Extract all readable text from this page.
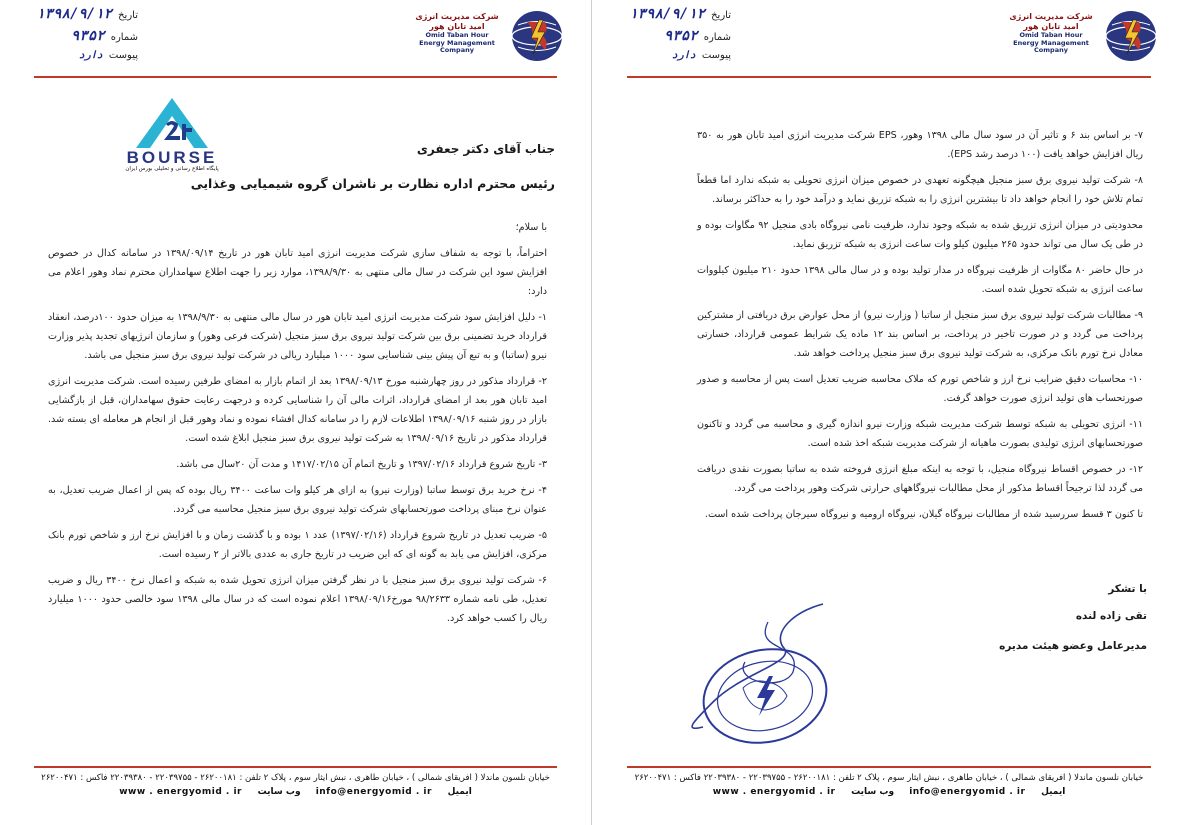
تاریخ
۱۳۹۸/۹/۱۲
شماره
۹۳۵۲
پیوست
دارد
شرکت مدیریت انرژی
امید تابان هور
Omid Taban Hour
Energy Management
Company
BOURSE
پایگاه اطلاع رسانی و تحلیلی بورس ایران
جناب آقای دکتر جعفری
رئیس محترم اداره نظارت بر ناشران گروه شیمیایی وغذایی

با سلام؛

احتراماً، با توجه به شفاف سازی شرکت مدیریت انرژی امید تابان هور در تاریخ ۱۳۹۸/۰۹/۱۴ در سامانه کدال در خصوص افزایش سود این شرکت در سال مالی منتهی به ۱۳۹۸/۹/۳۰، موارد زیر را جهت اطلاع سهامداران محترم نماد وهور اعلام می دارد:

۱- دلیل افزایش سود شرکت مدیریت انرژی امید تابان هور در سال مالی منتهی به ۱۳۹۸/۹/۳۰ به میزان حدود ۱۰۰درصد، انعقاد قرارداد خرید تضمینی برق بین شرکت تولید نیروی برق سبز منجیل (شرکت فرعی وهور) و سازمان انرژیهای تجدید پذیر وزارت نیرو (ساتبا) و به تبع آن پیش بینی شناسایی سود ۱۰۰۰ میلیارد ریالی در شرکت تولید نیروی برق سبز منجیل می باشد.

۲- قرارداد مذکور در روز چهارشنبه مورخ ۱۳۹۸/۰۹/۱۳ بعد از اتمام بازار به امضای طرفین رسیده است. شرکت مدیریت انرژی امید تابان هور بعد از امضای قرارداد، اثرات مالی آن را شناسایی کرده و درجهت رعایت حقوق سهامداران، قبل از بازگشایی بازار در روز شنبه ۱۳۹۸/۰۹/۱۶ اطلاعات لازم را در سامانه کدال افشاء نموده و نماد وهور قبل از انجام هر معامله ای بسته شد. قرارداد مذکور در تاریخ ۱۳۹۸/۰۹/۱۶ به شرکت تولید نیروی برق سبز منجیل ابلاغ شده است.

۳- تاریخ شروع قرارداد ۱۳۹۷/۰۲/۱۶ و تاریخ اتمام آن ۱۴۱۷/۰۲/۱۵ و مدت آن ۲۰سال می باشد.

۴- نرخ خرید برق توسط ساتبا (وزارت نیرو) به ازای هر کیلو وات ساعت ۳۴۰۰ ریال بوده که پس از اعمال ضریب تعدیل، به عنوان نرخ مبنای پرداخت صورتحسابهای شرکت تولید نیروی برق سبز منجیل محاسبه می گردد.

۵- ضریب تعدیل در تاریخ شروع قرارداد (۱۳۹۷/۰۲/۱۶) عدد ۱ بوده و با گذشت زمان و با افزایش نرخ ارز و شاخص تورم بانک مرکزی، افزایش می یابد به گونه ای که این ضریب در تاریخ جاری به عددی بالاتر از ۲ رسیده است.

۶- شرکت تولید نیروی برق سبز منجیل با در نظر گرفتن میزان انرژی تحویل شده به شبکه و اعمال نرخ ۳۴۰۰ ریال و ضریب تعدیل، طی نامه شماره ۹۸/۲۶۳۳ مورخ۱۳۹۸/۰۹/۱۶ اعلام نموده است که در سال مالی ۱۳۹۸ سود خالصی حدود ۱۰۰۰ میلیارد ریال را کسب خواهد کرد.

خیابان نلسون ماندلا ( افریقای شمالی ) ، خیابان طاهری ، نبش ایثار سوم ، پلاک ۲ تلفن : ۲۶۲۰۰۱۸۱ - ۲۲۰۳۹۷۵۵ - ۲۲۰۳۹۳۸۰ فاکس : ۲۶۲۰۰۴۷۱
www . energyomid . ir وب سایت info@energyomid . ir ایمیل
تاریخ
۱۳۹۸/۹/۱۲
شماره
۹۳۵۲
پیوست
دارد
شرکت مدیریت انرژی
امید تابان هور
Omid Taban Hour
Energy Management
Company

۷- بر اساس بند ۶ و تاثیر آن در سود سال مالی ۱۳۹۸ وهور، EPS شرکت مدیریت انرژی امید تابان هور به ۳۵۰ ریال افزایش خواهد یافت (۱۰۰ درصد رشد EPS).

۸- شرکت تولید نیروی برق سبز منجیل هیچگونه تعهدی در خصوص میزان انرژی تحویلی به شبکه ندارد اما قطعاً تمام تلاش خود را انجام خواهد داد تا بیشترین انرژی را به شبکه تزریق نماید و درآمد خود را به حداکثر برساند.

محدودیتی در میزان انرژی تزریق شده به شبکه وجود ندارد، ظرفیت نامی نیروگاه بادی منجیل ۹۲ مگاوات بوده و در طی یک سال می تواند حدود ۲۶۵ میلیون کیلو وات ساعت انرژی به شبکه تزریق نماید.

در حال حاضر ۸۰ مگاوات از ظرفیت نیروگاه در مدار تولید بوده و در سال مالی ۱۳۹۸ حدود ۲۱۰ میلیون کیلووات ساعت انرژی به شبکه تحویل شده است.

۹- مطالبات شرکت تولید نیروی برق سبز منجیل از ساتبا ( وزارت نیرو) از محل عوارض برق دریافتی از مشترکین پرداخت می گردد و در صورت تاخیر در پرداخت، بر اساس بند ۱۲ ماده یک شرایط عمومی قرارداد، خسارتی معادل نرخ تورم بانک مرکزی، به شرکت تولید نیروی برق سبز منجیل پرداخت خواهد شد.

۱۰- محاسبات دقیق ضرایب نرخ ارز و شاخص تورم که ملاک محاسبه ضریب تعدیل است پس از محاسبه و صدور صورتحساب های تولید انرژی صورت خواهد گرفت.

۱۱- انرژی تحویلی به شبکه توسط شرکت مدیریت شبکه وزارت نیرو اندازه گیری و محاسبه می گردد و تاکنون صورتحسابهای انرژی تولیدی بصورت ماهیانه از شرکت مدیریت شبکه اخذ شده است.

۱۲- در خصوص اقساط نیروگاه منجیل، با توجه به اینکه مبلغ انرژی فروخته شده به ساتبا بصورت نقدی دریافت می گردد لذا ترجیحاً اقساط مذکور از محل مطالبات نیروگاههای حرارتی شرکت وهور پرداخت می گردد.

تا کنون ۳ قسط سررسید شده از مطالبات نیروگاه گیلان، نیروگاه ارومیه و نیروگاه سیرجان پرداخت شده است.

با تشکر
تقی زاده لنده
مدیرعامل وعضو هیئت مدیره
خیابان نلسون ماندلا ( افریقای شمالی ) ، خیابان طاهری ، نبش ایثار سوم ، پلاک ۲ تلفن : ۲۶۲۰۰۱۸۱ - ۲۲۰۳۹۷۵۵ - ۲۲۰۳۹۳۸۰ فاکس : ۲۶۲۰۰۴۷۱
www . energyomid . ir وب سایت info@energyomid . ir ایمیل
